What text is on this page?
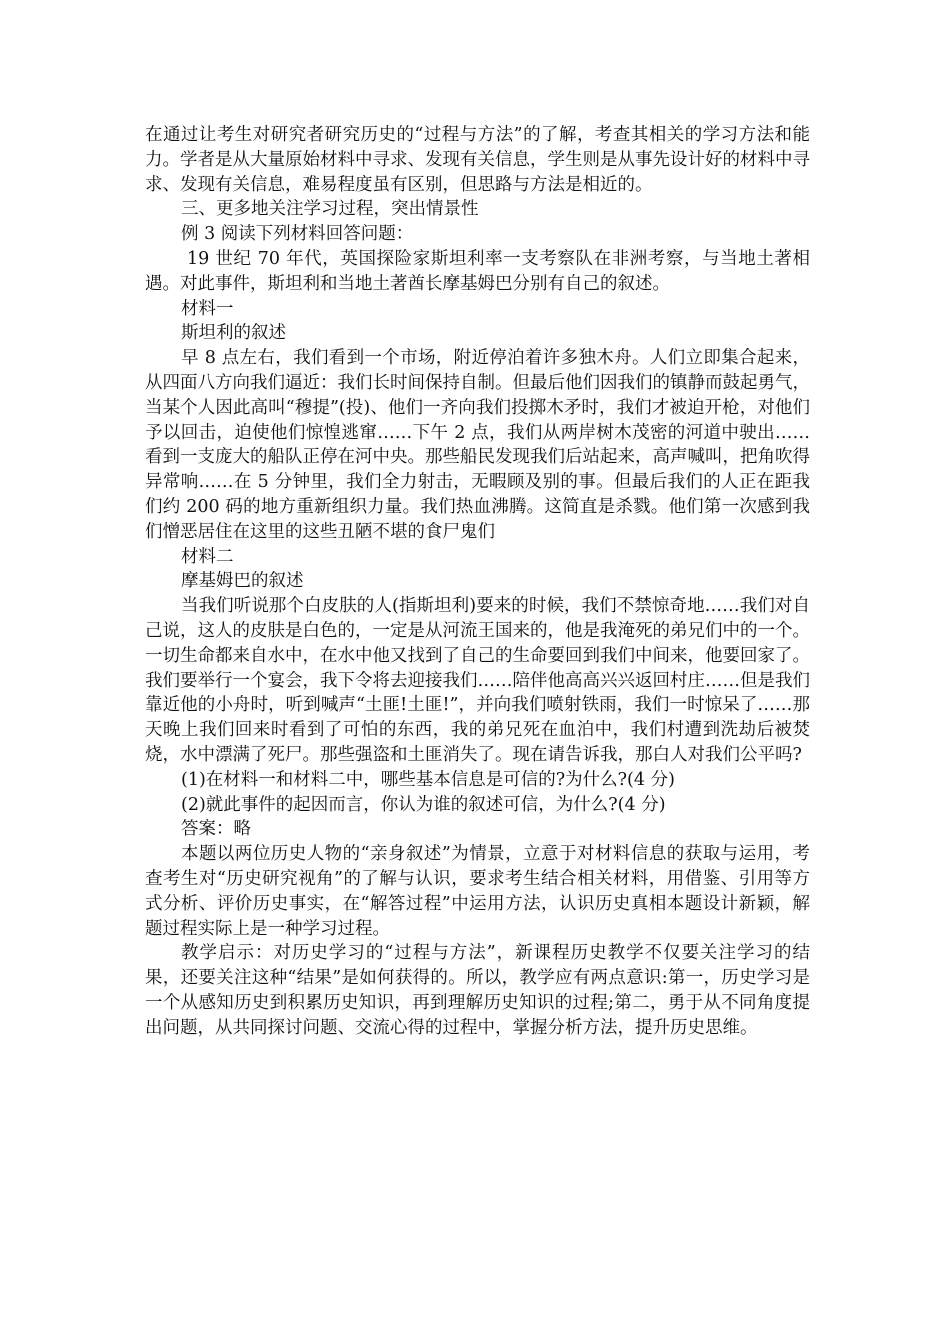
在通过让考生对研究者研究历史的“过程与方法”的了解，考查其相关的学习方法和能力。学者是从大量原始材料中寻求、发现有关信息，学生则是从事先设计好的材料中寻求、发现有关信息，难易程度虽有区别，但思路与方法是相近的。

三、更多地关注学习过程，突出情景性

例 3 阅读下列材料回答问题：

19 世纪 70 年代，英国探险家斯坦利率一支考察队在非洲考察，与当地土著相遇。对此事件，斯坦利和当地土著酋长摩基姆巴分别有自己的叙述。

材料一

斯坦利的叙述

早 8 点左右，我们看到一个市场，附近停泊着许多独木舟。人们立即集合起来，从四面八方向我们逼近：我们长时间保持自制。但最后他们因我们的镇静而鼓起勇气，当某个人因此高叫“穆提”(投)、他们一齐向我们投掷木矛时，我们才被迫开枪，对他们予以回击，迫使他们惊惶逃窜……下午 2 点，我们从两岸树木茂密的河道中驶出……看到一支庞大的船队正停在河中央。那些船民发现我们后站起来，高声喊叫，把角吹得异常响……在 5 分钟里，我们全力射击，无暇顾及别的事。但最后我们的人正在距我们约 200 码的地方重新组织力量。我们热血沸腾。这简直是杀戮。他们第一次感到我们憎恶居住在这里的这些丑陋不堪的食尸鬼们

材料二

摩基姆巴的叙述

当我们听说那个白皮肤的人(指斯坦利)要来的时候，我们不禁惊奇地……我们对自己说，这人的皮肤是白色的，一定是从河流王国来的，他是我淹死的弟兄们中的一个。一切生命都来自水中，在水中他又找到了自己的生命要回到我们中间来，他要回家了。我们要举行一个宴会，我下令将去迎接我们……陪伴他高高兴兴返回村庄……但是我们靠近他的小舟时，听到喊声“土匪!土匪!”，并向我们喷射铁雨，我们一时惊呆了……那天晚上我们回来时看到了可怕的东西，我的弟兄死在血泊中，我们村遭到洗劫后被焚烧，水中漂满了死尸。那些强盗和土匪消失了。现在请告诉我，那白人对我们公平吗?

(1)在材料一和材料二中，哪些基本信息是可信的?为什么?(4 分)

(2)就此事件的起因而言，你认为谁的叙述可信，为什么?(4 分)

答案：略

本题以两位历史人物的“亲身叙述”为情景，立意于对材料信息的获取与运用，考查考生对“历史研究视角”的了解与认识，要求考生结合相关材料，用借鉴、引用等方式分析、评价历史事实，在“解答过程”中运用方法，认识历史真相本题设计新颖，解题过程实际上是一种学习过程。

教学启示：对历史学习的“过程与方法”，新课程历史教学不仅要关注学习的结果，还要关注这种“结果”是如何获得的。所以，教学应有两点意识:第一，历史学习是一个从感知历史到积累历史知识，再到理解历史知识的过程;第二，勇于从不同角度提出问题，从共同探讨问题、交流心得的过程中，掌握分析方法，提升历史思维。
